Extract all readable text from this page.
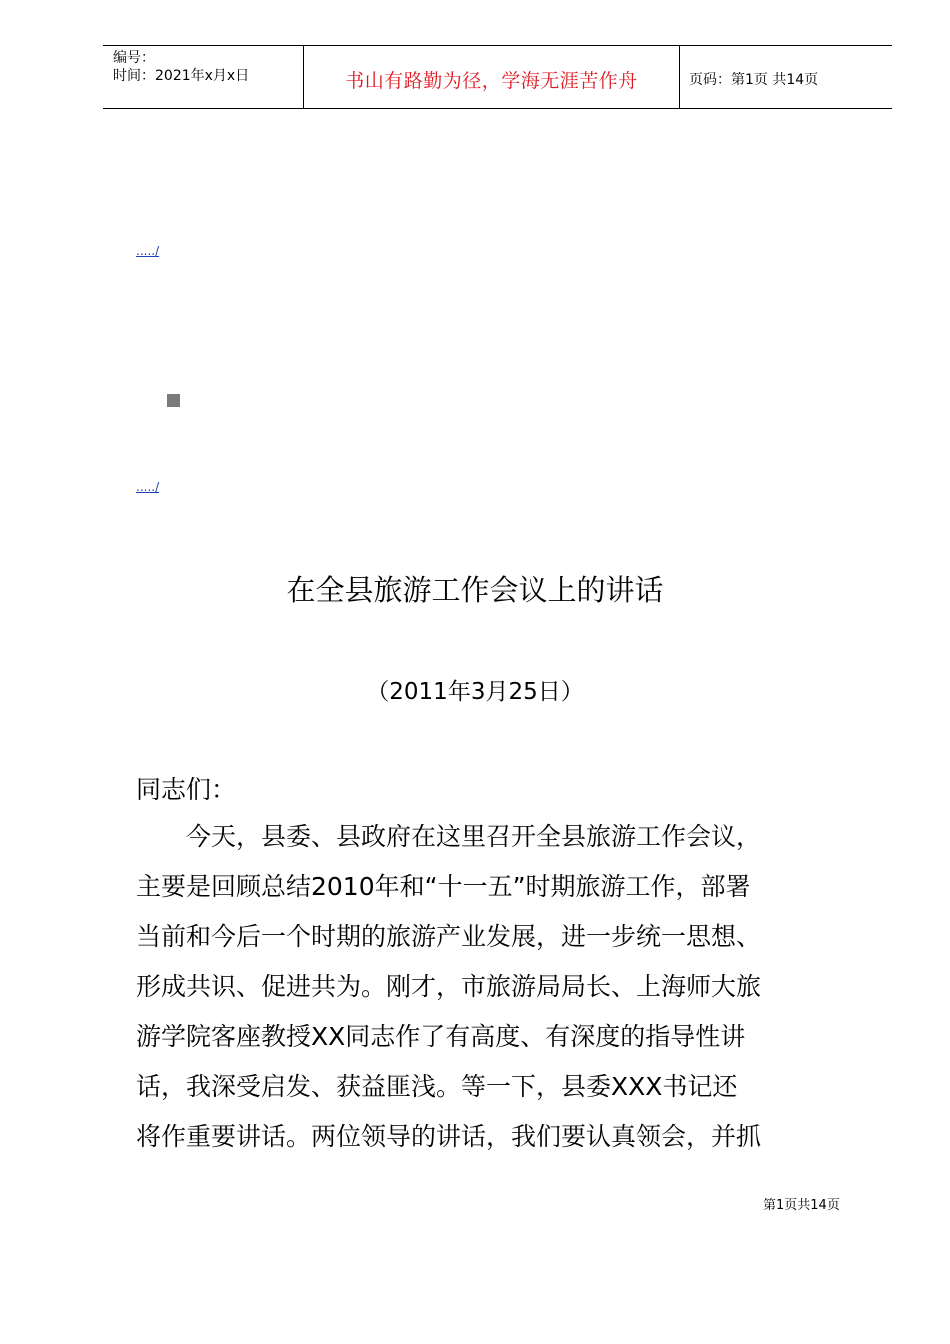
编号：
时间：2021年x月x日	书山有路勤为径，学海无涯苦作舟	页码：第1页 共14页
...../
...../
在全县旅游工作会议上的讲话
（2011年3月25日）
同志们：
今天，县委、县政府在这里召开全县旅游工作会议，
主要是回顾总结2010年和“十一五”时期旅游工作，部署
当前和今后一个时期的旅游产业发展，进一步统一思想、
形成共识、促进共为。刚才，市旅游局局长、上海师大旅
游学院客座教授XX同志作了有高度、有深度的指导性讲
话，我深受启发、获益匪浅。等一下，县委XXX书记还
将作重要讲话。两位领导的讲话，我们要认真领会，并抓
第1页共14页
